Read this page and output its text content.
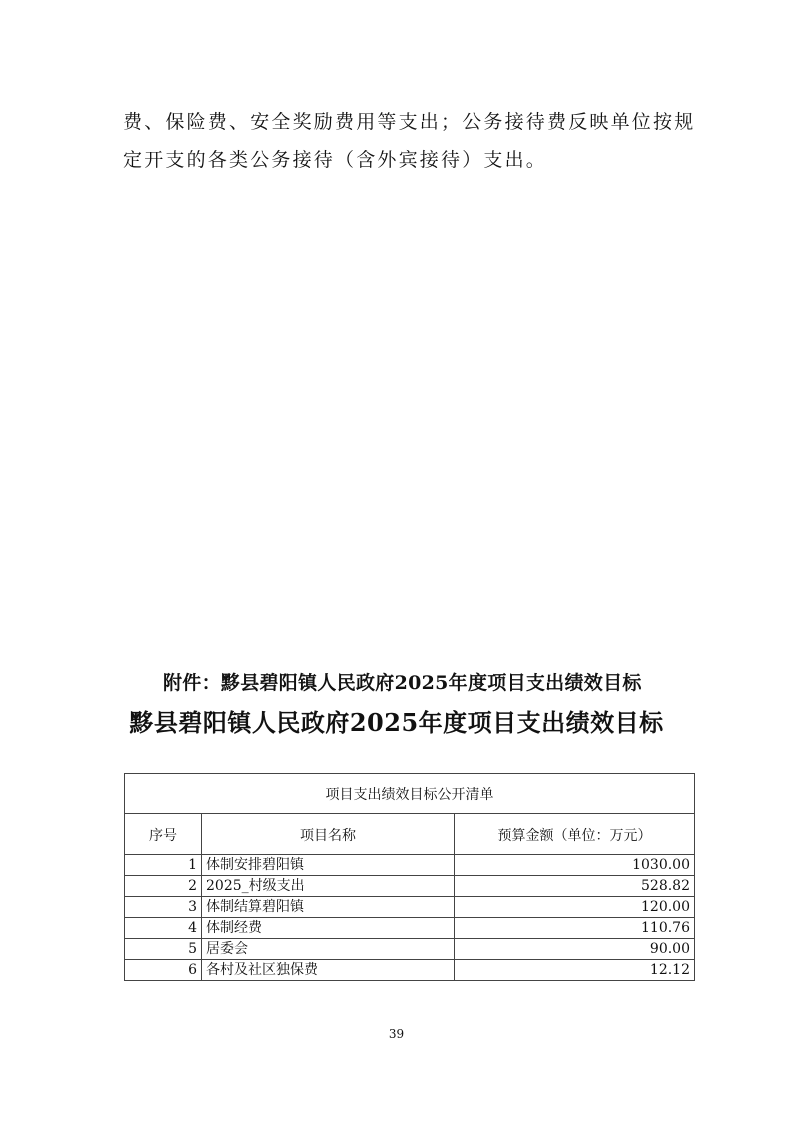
费、保险费、安全奖励费用等支出；公务接待费反映单位按规
定开支的各类公务接待（含外宾接待）支出。
附件：黟县碧阳镇人民政府2025年度项目支出绩效目标
黟县碧阳镇人民政府2025年度项目支出绩效目标
项目支出绩效目标公开清单		
序号	项目名称	预算金额（单位：万元）
1	体制安排碧阳镇	1030.00
2	2025_村级支出	528.82
3	体制结算碧阳镇	120.00
4	体制经费	110.76
5	居委会	90.00
6	各村及社区独保费	12.12
39
